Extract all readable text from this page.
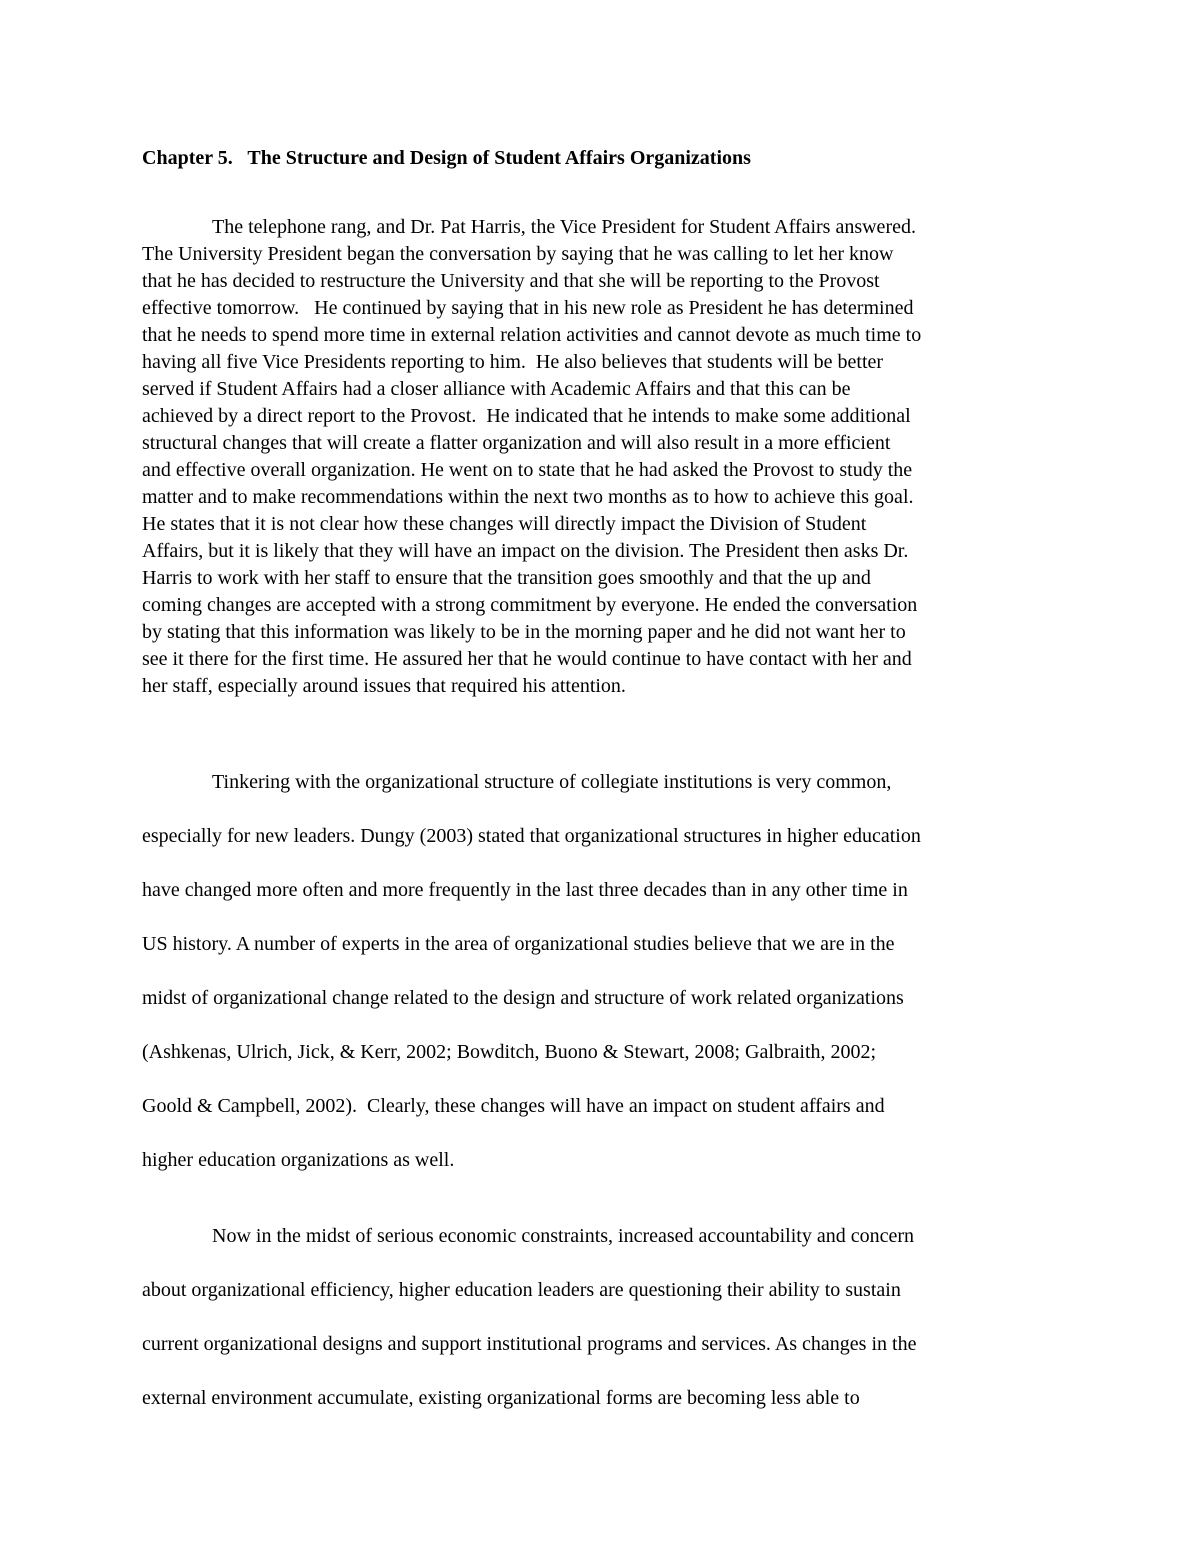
Chapter 5.   The Structure and Design of Student Affairs Organizations
The telephone rang, and Dr. Pat Harris, the Vice President for Student Affairs answered.
The University President began the conversation by saying that he was calling to let her know
that he has decided to restructure the University and that she will be reporting to the Provost
effective tomorrow.   He continued by saying that in his new role as President he has determined
that he needs to spend more time in external relation activities and cannot devote as much time to
having all five Vice Presidents reporting to him.  He also believes that students will be better
served if Student Affairs had a closer alliance with Academic Affairs and that this can be
achieved by a direct report to the Provost.  He indicated that he intends to make some additional
structural changes that will create a flatter organization and will also result in a more efficient
and effective overall organization. He went on to state that he had asked the Provost to study the
matter and to make recommendations within the next two months as to how to achieve this goal.
He states that it is not clear how these changes will directly impact the Division of Student
Affairs, but it is likely that they will have an impact on the division. The President then asks Dr.
Harris to work with her staff to ensure that the transition goes smoothly and that the up and
coming changes are accepted with a strong commitment by everyone. He ended the conversation
by stating that this information was likely to be in the morning paper and he did not want her to
see it there for the first time. He assured her that he would continue to have contact with her and
her staff, especially around issues that required his attention.
Tinkering with the organizational structure of collegiate institutions is very common,
especially for new leaders. Dungy (2003) stated that organizational structures in higher education
have changed more often and more frequently in the last three decades than in any other time in
US history. A number of experts in the area of organizational studies believe that we are in the
midst of organizational change related to the design and structure of work related organizations
(Ashkenas, Ulrich, Jick, & Kerr, 2002; Bowditch, Buono & Stewart, 2008; Galbraith, 2002;
Goold & Campbell, 2002).  Clearly, these changes will have an impact on student affairs and
higher education organizations as well.
Now in the midst of serious economic constraints, increased accountability and concern
about organizational efficiency, higher education leaders are questioning their ability to sustain
current organizational designs and support institutional programs and services. As changes in the
external environment accumulate, existing organizational forms are becoming less able to
